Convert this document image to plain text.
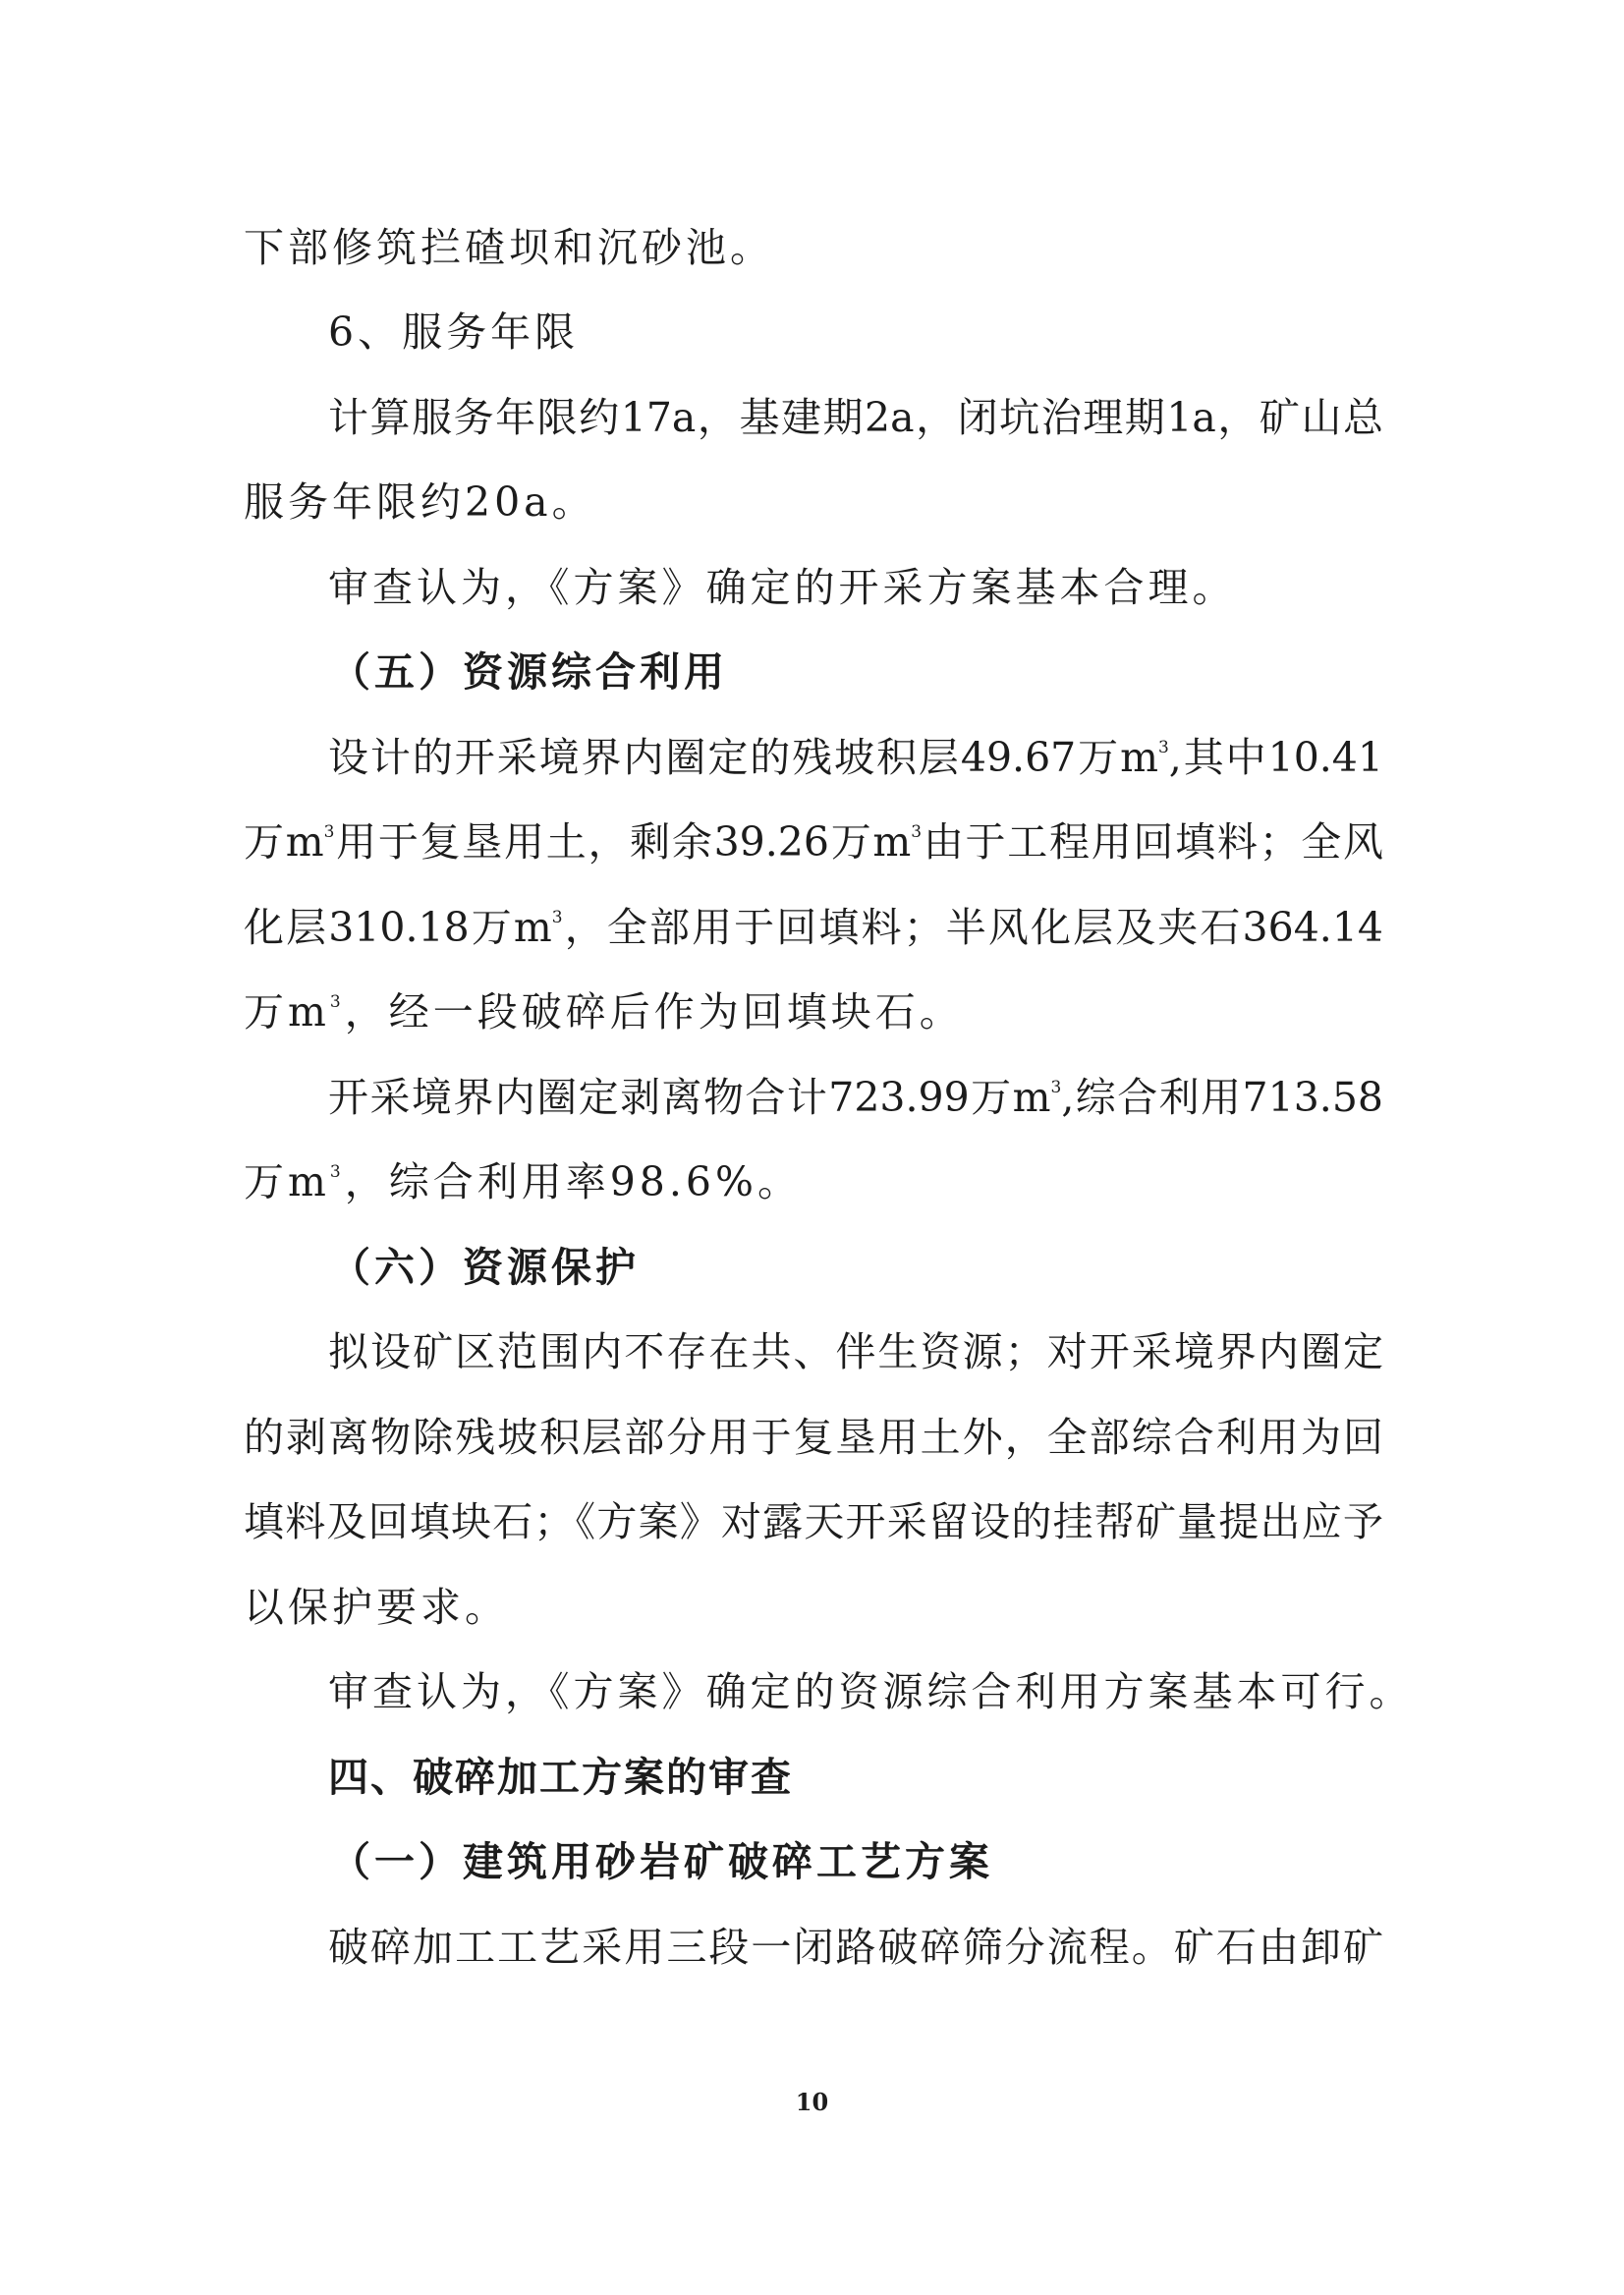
下部修筑拦碴坝和沉砂池。
6、服务年限
计算服务年限约17a，基建期2a，闭坑治理期1a，矿山总
服务年限约20a。
审查认为，《方案》确定的开采方案基本合理。
（五）资源综合利用
设计的开采境界内圈定的残坡积层49.67万$m^3$,其中10.41
万$m^3$用于复垦用土，剩余39.26万$m^3$由于工程用回填料；全风
化层310.18万$m^3$，全部用于回填料；半风化层及夹石364.14
万$m^3$，经一段破碎后作为回填块石。
开采境界内圈定剥离物合计723.99万$m^3$,综合利用713.58
万$m^3$，综合利用率98.6%。
（六）资源保护
拟设矿区范围内不存在共、伴生资源；对开采境界内圈定
的剥离物除残坡积层部分用于复垦用土外，全部综合利用为回
填料及回填块石；《方案》对露天开采留设的挂帮矿量提出应予
以保护要求。
审查认为，《方案》确定的资源综合利用方案基本可行。
四、破碎加工方案的审查
（一）建筑用砂岩矿破碎工艺方案
破碎加工工艺采用三段一闭路破碎筛分流程。矿石由卸矿
10
